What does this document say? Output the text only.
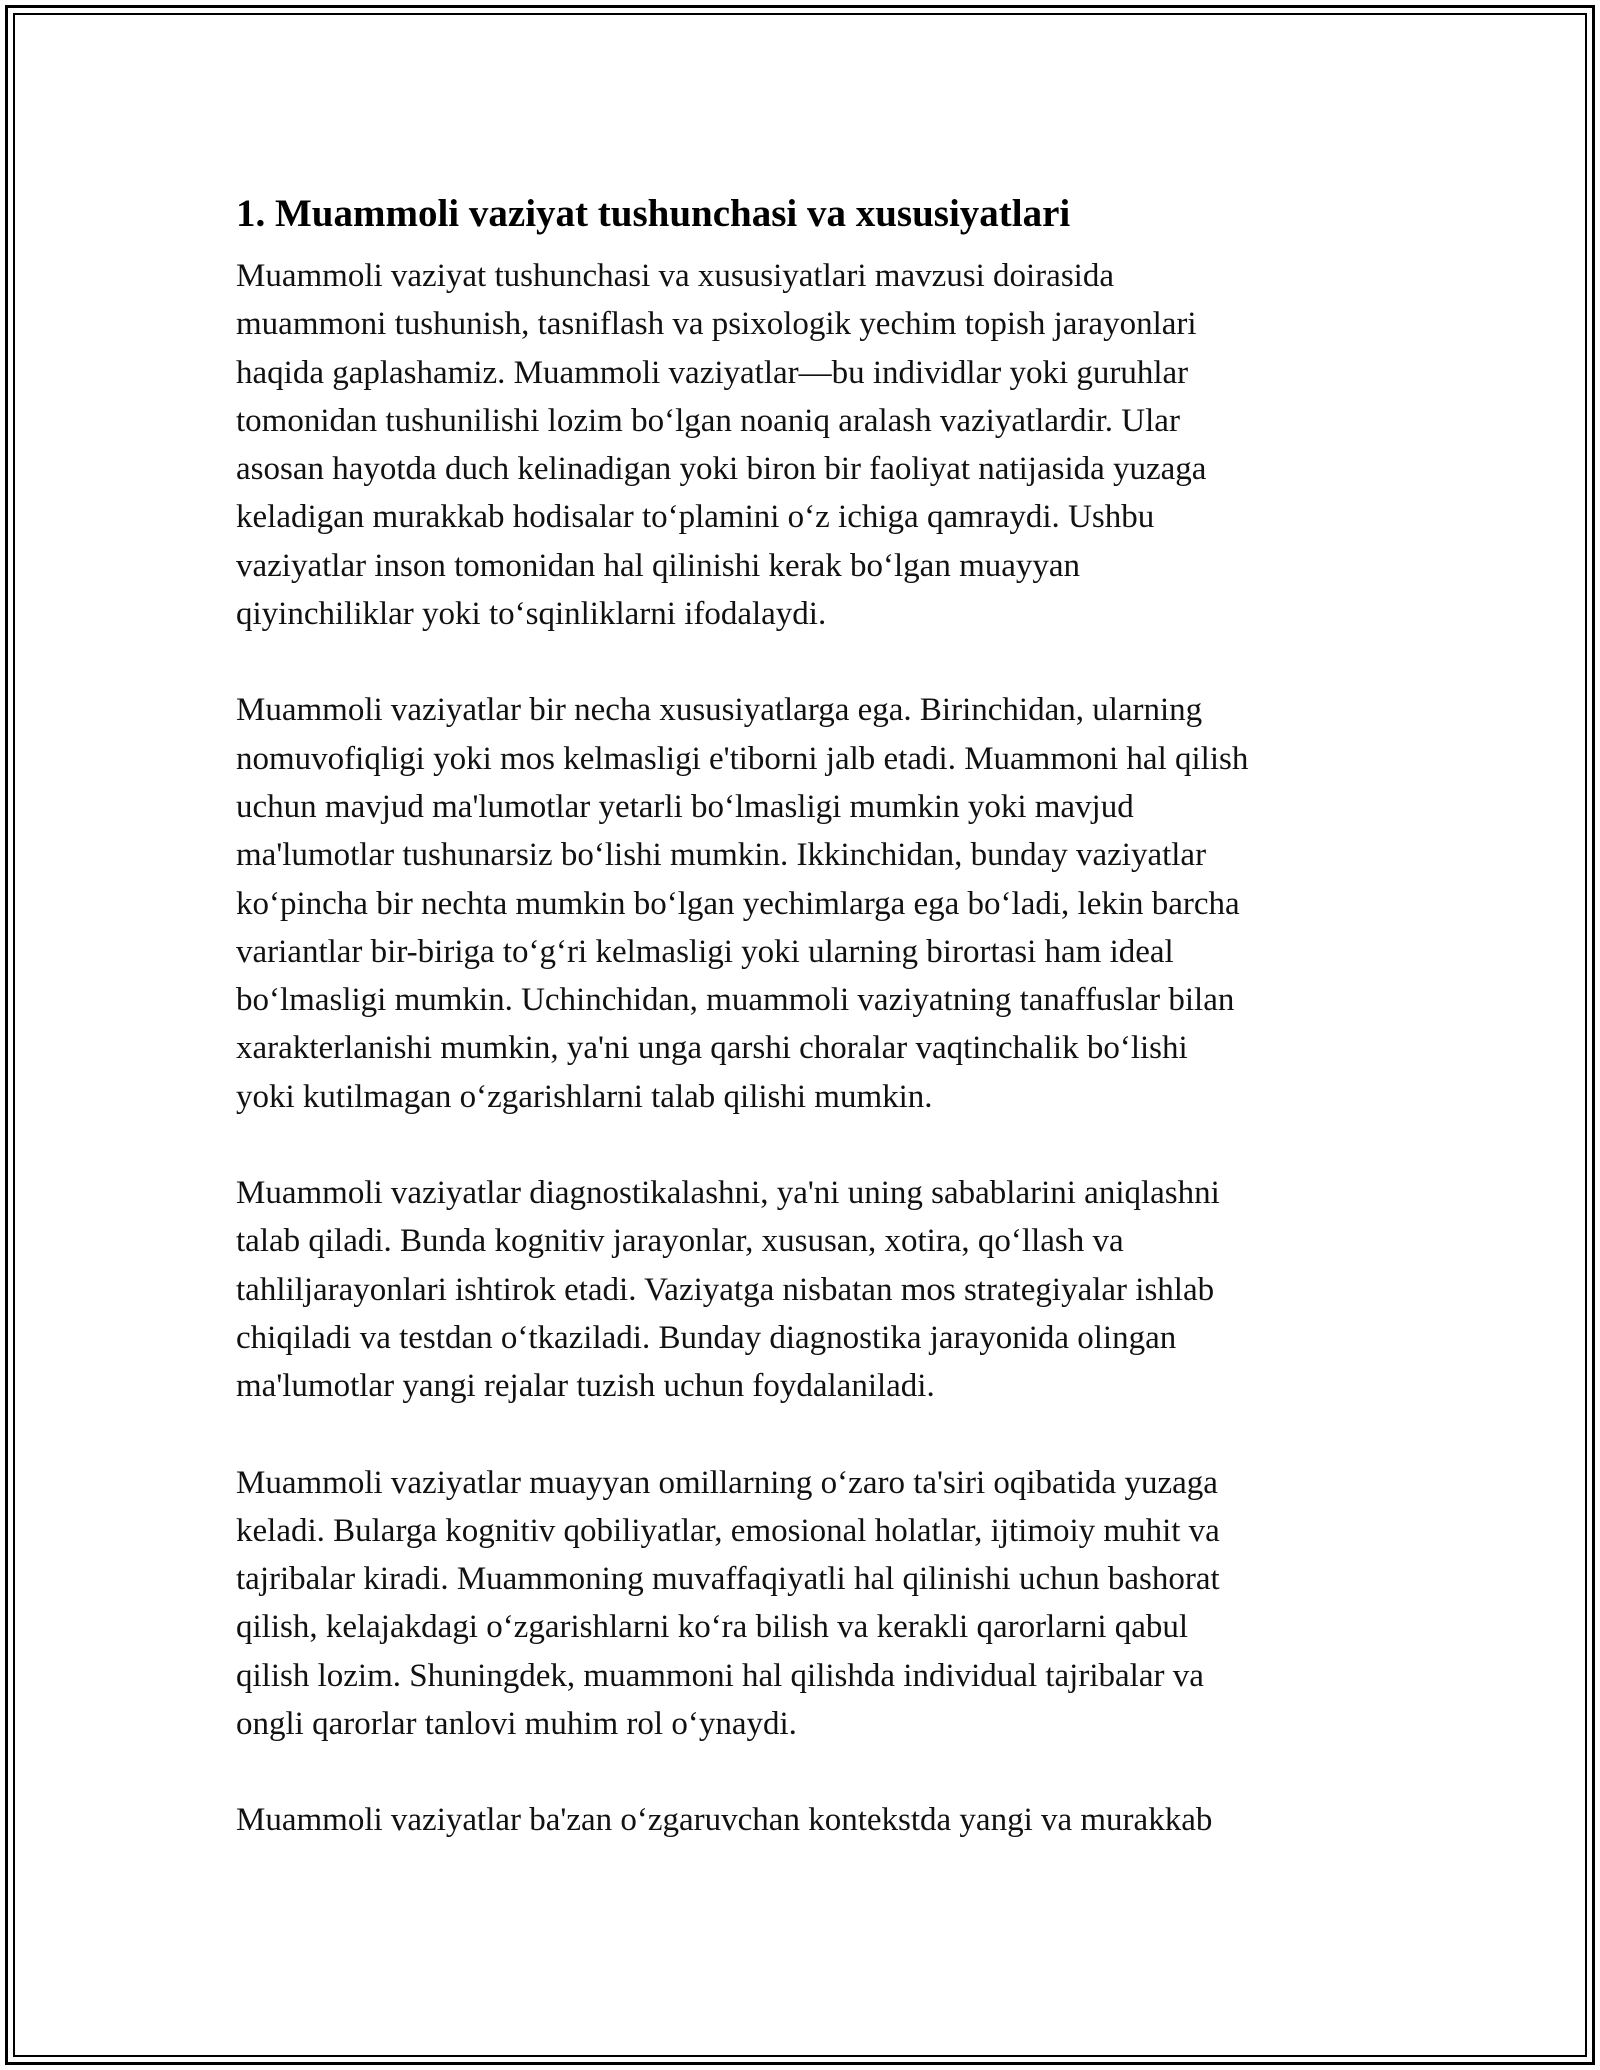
1. Muammoli vaziyat tushunchasi va xususiyatlari

Muammoli vaziyat tushunchasi va xususiyatlari mavzusi doirasida
muammoni tushunish, tasniflash va psixologik yechim topish jarayonlari
haqida gaplashamiz. Muammoli vaziyatlar—bu individlar yoki guruhlar
tomonidan tushunilishi lozim bo‘lgan noaniq aralash vaziyatlardir. Ular
asosan hayotda duch kelinadigan yoki biron bir faoliyat natijasida yuzaga
keladigan murakkab hodisalar to‘plamini o‘z ichiga qamraydi. Ushbu
vaziyatlar inson tomonidan hal qilinishi kerak bo‘lgan muayyan
qiyinchiliklar yoki to‘sqinliklarni ifodalaydi.

Muammoli vaziyatlar bir necha xususiyatlarga ega. Birinchidan, ularning
nomuvofiqligi yoki mos kelmasligi e'tiborni jalb etadi. Muammoni hal qilish
uchun mavjud ma'lumotlar yetarli bo‘lmasligi mumkin yoki mavjud
ma'lumotlar tushunarsiz bo‘lishi mumkin. Ikkinchidan, bunday vaziyatlar
ko‘pincha bir nechta mumkin bo‘lgan yechimlarga ega bo‘ladi, lekin barcha
variantlar bir-biriga to‘g‘ri kelmasligi yoki ularning birortasi ham ideal
bo‘lmasligi mumkin. Uchinchidan, muammoli vaziyatning tanaffuslar bilan
xarakterlanishi mumkin, ya'ni unga qarshi choralar vaqtinchalik bo‘lishi
yoki kutilmagan o‘zgarishlarni talab qilishi mumkin.

Muammoli vaziyatlar diagnostikalashni, ya'ni uning sabablarini aniqlashni
talab qiladi. Bunda kognitiv jarayonlar, xususan, xotira, qo‘llash va
tahliljarayonlari ishtirok etadi. Vaziyatga nisbatan mos strategiyalar ishlab
chiqiladi va testdan o‘tkaziladi. Bunday diagnostika jarayonida olingan
ma'lumotlar yangi rejalar tuzish uchun foydalaniladi.

Muammoli vaziyatlar muayyan omillarning o‘zaro ta'siri oqibatida yuzaga
keladi. Bularga kognitiv qobiliyatlar, emosional holatlar, ijtimoiy muhit va
tajribalar kiradi. Muammoning muvaffaqiyatli hal qilinishi uchun bashorat
qilish, kelajakdagi o‘zgarishlarni ko‘ra bilish va kerakli qarorlarni qabul
qilish lozim. Shuningdek, muammoni hal qilishda individual tajribalar va
ongli qarorlar tanlovi muhim rol o‘ynaydi.

Muammoli vaziyatlar ba'zan o‘zgaruvchan kontekstda yangi va murakkab
